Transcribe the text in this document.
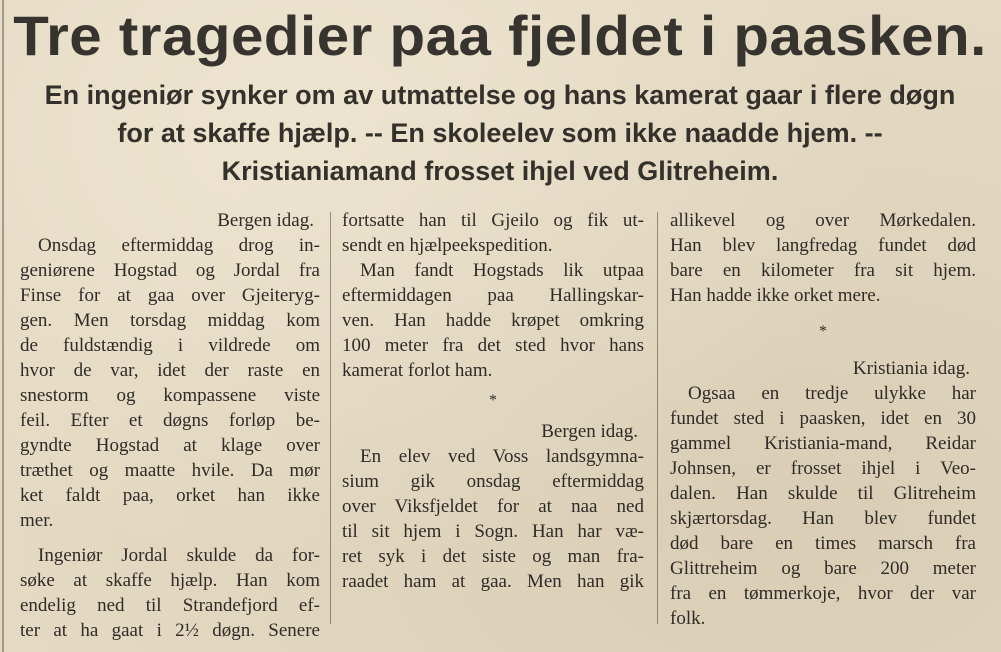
Tre tragedier paa fjeldet i paasken.
En ingeniør synker om av utmattelse og hans kamerat gaar i flere døgn
for at skaffe hjælp. -- En skoleelev som ikke naadde hjem. --
Kristianiamand frosset ihjel ved Glitreheim.
Bergen idag.
Onsdag eftermiddag drog in-
geniørene Hogstad og Jordal fra
Finse for at gaa over Gjeiteryg-
gen. Men torsdag middag kom
de fuldstændig i vildrede om
hvor de var, idet der raste en
snestorm og kompassene viste
feil. Efter et døgns forløp be-
gyndte Hogstad at klage over
træthet og maatte hvile. Da mør
ket faldt paa, orket han ikke
mer.
Ingeniør Jordal skulde da for-
søke at skaffe hjælp. Han kom
endelig ned til Strandefjord ef-
ter at ha gaat i 2½ døgn. Senere
fortsatte han til Gjeilo og fik ut-
sendt en hjælpeekspedition.
Man fandt Hogstads lik utpaa
eftermiddagen paa Hallingskar-
ven. Han hadde krøpet omkring
100 meter fra det sted hvor hans
kamerat forlot ham.
*
Bergen idag.
En elev ved Voss landsgymna-
sium gik onsdag eftermiddag
over Viksfjeldet for at naa ned
til sit hjem i Sogn. Han har væ-
ret syk i det siste og man fra-
raadet ham at gaa. Men han gik
allikevel og over Mørkedalen.
Han blev langfredag fundet død
bare en kilometer fra sit hjem.
Han hadde ikke orket mere.
*
Kristiania idag.
Ogsaa en tredje ulykke har
fundet sted i paasken, idet en 30
gammel Kristiania-mand, Reidar
Johnsen, er frosset ihjel i Veo-
dalen. Han skulde til Glitreheim
skjærtorsdag. Han blev fundet
død bare en times marsch fra
Glittreheim og bare 200 meter
fra en tømmerkoje, hvor der var
folk.
